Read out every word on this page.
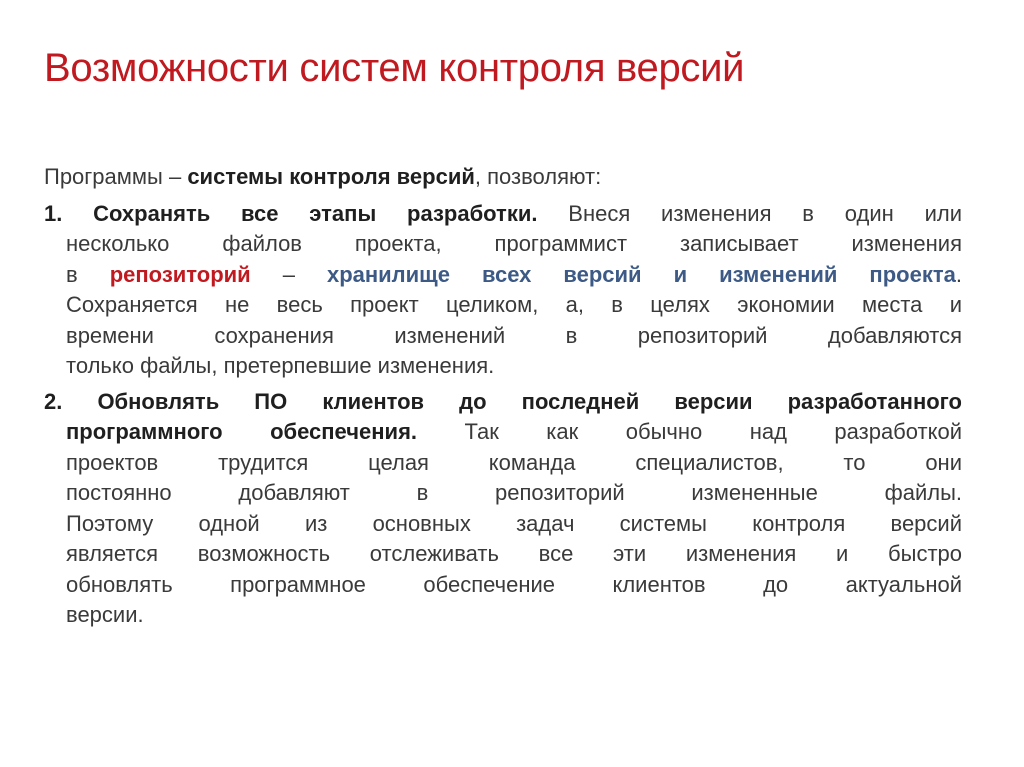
Возможности систем контроля версий
Программы – системы контроля версий, позволяют:
1. Сохранять все этапы разработки. Внеся изменения в один или
несколько файлов проекта, программист записывает изменения
в репозиторий – хранилище всех версий и изменений проекта.
Сохраняется не весь проект целиком, а, в целях экономии места и
времени сохранения изменений в репозиторий добавляются
только файлы, претерпевшие изменения.
2. Обновлять ПО клиентов до последней версии разработанного
программного обеспечения. Так как обычно над разработкой
проектов трудится целая команда специалистов, то они
постоянно добавляют в репозиторий измененные файлы.
Поэтому одной из основных задач системы контроля версий
является возможность отслеживать все эти изменения и быстро
обновлять программное обеспечение клиентов до актуальной
версии.
